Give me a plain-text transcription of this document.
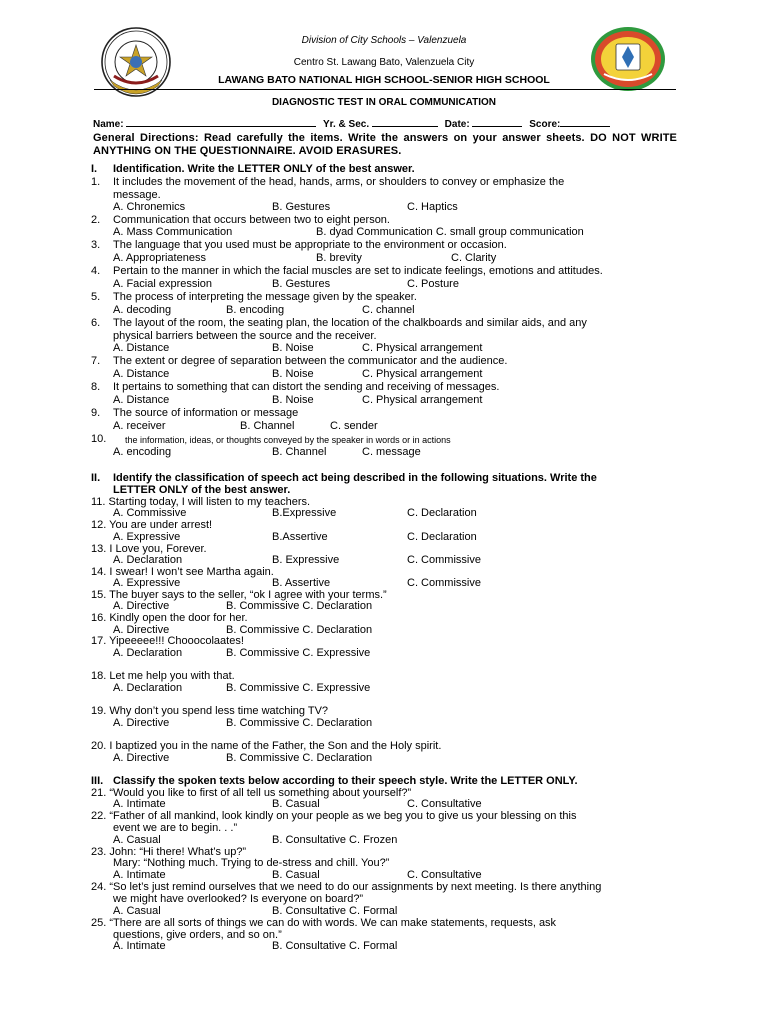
Division of City Schools – Valenzuela
Centro St. Lawang Bato, Valenzuela City
LAWANG BATO NATIONAL HIGH SCHOOL-SENIOR HIGH SCHOOL
DIAGNOSTIC TEST IN ORAL COMMUNICATION
Name:	Yr. & Sec.	Date:	Score:
General Directions: Read carefully the items. Write the answers on your answer sheets. DO NOT WRITE ANYTHING ON THE QUESTIONNAIRE. AVOID ERASURES.
I. Identification. Write the LETTER ONLY of the best answer.
1. It includes the movement of the head, hands, arms, or shoulders to convey or emphasize the
message.
A. Chronemics	B. Gestures	C. Haptics
2. Communication that occurs between two to eight person.
A. Mass Communication	B. dyad Communication C. small group communication
3. The language that you used must be appropriate to the environment or occasion.
A. Appropriateness	B. brevity	C. Clarity
4. Pertain to the manner in which the facial muscles are set to indicate feelings, emotions and attitudes.
A. Facial expression	B. Gestures	C. Posture
5. The process of interpreting the message given by the speaker.
A. decoding	B. encoding	C. channel
6. The layout of the room, the seating plan, the location of the chalkboards and similar aids, and any
physical barriers between the source and the receiver.
A. Distance	B. Noise	C. Physical arrangement
7. The extent or degree of separation between the communicator and the audience.
A. Distance	B. Noise	C. Physical arrangement
8. It pertains to something that can distort the sending and receiving of messages.
A. Distance	B. Noise	C. Physical arrangement
9. The source of information or message
A. receiver	B. Channel	C. sender
10. the information, ideas, or thoughts conveyed by the speaker in words or in actions
A. encoding	B. Channel	C. message
II. Identify the classification of speech act being described in the following situations. Write the
LETTER ONLY of the best answer.
11. Starting today, I will listen to my teachers.
A. Commissive	B.Expressive	C. Declaration
12. You are under arrest!
A. Expressive	B.Assertive	C. Declaration
13. I Love you, Forever.
A. Declaration	B. Expressive	C. Commissive
14. I swear! I won’t see Martha again.
A. Expressive	B. Assertive	C. Commissive
15. The buyer says to the seller, “ok I agree with your terms.”
A. Directive	B. Commissive C. Declaration
16. Kindly open the door for her.
A. Directive	B. Commissive C. Declaration
17. Yipeeeee!!! Chooocolaates!
A. Declaration	B. Commissive C. Expressive
18. Let me help you with that.
A. Declaration	B. Commissive C. Expressive
19. Why don’t you spend less time watching TV?
A. Directive	B. Commissive C. Declaration
20. I baptized you in the name of the Father, the Son and the Holy spirit.
A. Directive	B. Commissive C. Declaration
III. Classify the spoken texts below according to their speech style. Write the LETTER ONLY.
21. “Would you like to first of all tell us something about yourself?”
A. Intimate	B. Casual	C. Consultative
22. “Father of all mankind, look kindly on your people as we beg you to give us your blessing on this
event we are to begin. . .”
A. Casual	B. Consultative C. Frozen
23. John: “Hi there! What’s up?”
Mary: “Nothing much. Trying to de-stress and chill. You?”
A. Intimate	B. Casual	C. Consultative
24. “So let’s just remind ourselves that we need to do our assignments by next meeting. Is there anything
we might have overlooked? Is everyone on board?”
A. Casual	B. Consultative C. Formal
25. “There are all sorts of things we can do with words. We can make statements, requests, ask
questions, give orders, and so on.”
A. Intimate	B. Consultative C. Formal
